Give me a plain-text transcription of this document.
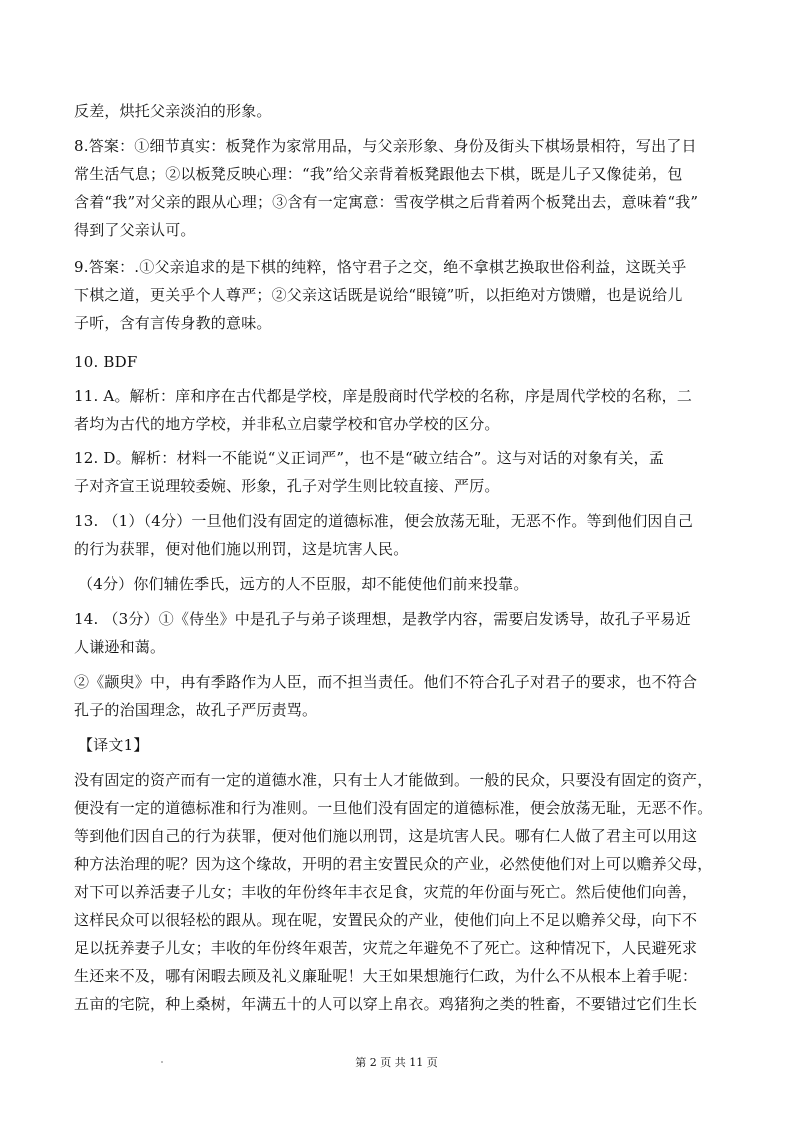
反差，烘托父亲淡泊的形象。
8.答案：①细节真实：板凳作为家常用品，与父亲形象、身份及街头下棋场景相符，写出了日
常生活气息；②以板凳反映心理：“我”给父亲背着板凳跟他去下棋，既是儿子又像徒弟，包
含着“我”对父亲的跟从心理；③含有一定寓意：雪夜学棋之后背着两个板凳出去，意味着“我”
得到了父亲认可。
9.答案：.①父亲追求的是下棋的纯粹，恪守君子之交，绝不拿棋艺换取世俗利益，这既关乎
下棋之道，更关乎个人尊严；②父亲这话既是说给“眼镜”听，以拒绝对方馈赠，也是说给儿
子听，含有言传身教的意味。
10. BDF
11. A。解析：庠和序在古代都是学校，庠是殷商时代学校的名称，序是周代学校的名称，二
者均为古代的地方学校，并非私立启蒙学校和官办学校的区分。
12. D。解析：材料一不能说“义正词严”，也不是“破立结合”。这与对话的对象有关，孟
子对齐宣王说理较委婉、形象，孔子对学生则比较直接、严厉。
13. （1）（4分）一旦他们没有固定的道德标准，便会放荡无耻，无恶不作。等到他们因自己
的行为获罪，便对他们施以刑罚，这是坑害人民。
（4分）你们辅佐季氏，远方的人不臣服，却不能使他们前来投靠。
14. （3分）①《侍坐》中是孔子与弟子谈理想，是教学内容，需要启发诱导，故孔子平易近
人谦逊和蔼。
②《颛臾》中，冉有季路作为人臣，而不担当责任。他们不符合孔子对君子的要求，也不符合
孔子的治国理念，故孔子严厉责骂。
【译文1】
没有固定的资产而有一定的道德水准，只有士人才能做到。一般的民众，只要没有固定的资产，
便没有一定的道德标准和行为准则。一旦他们没有固定的道德标准，便会放荡无耻，无恶不作。
等到他们因自己的行为获罪，便对他们施以刑罚，这是坑害人民。哪有仁人做了君主可以用这
种方法治理的呢？因为这个缘故，开明的君主安置民众的产业，必然使他们对上可以赡养父母，
对下可以养活妻子儿女；丰收的年份终年丰衣足食，灾荒的年份面与死亡。然后使他们向善，
这样民众可以很轻松的跟从。现在呢，安置民众的产业，使他们向上不足以赡养父母，向下不
足以抚养妻子儿女；丰收的年份终年艰苦，灾荒之年避免不了死亡。这种情况下，人民避死求
生还来不及，哪有闲暇去顾及礼义廉耻呢！大王如果想施行仁政，为什么不从根本上着手呢：
五亩的宅院，种上桑树，年满五十的人可以穿上帛衣。鸡猪狗之类的牲畜，不要错过它们生长
第 2 页 共 11 页
